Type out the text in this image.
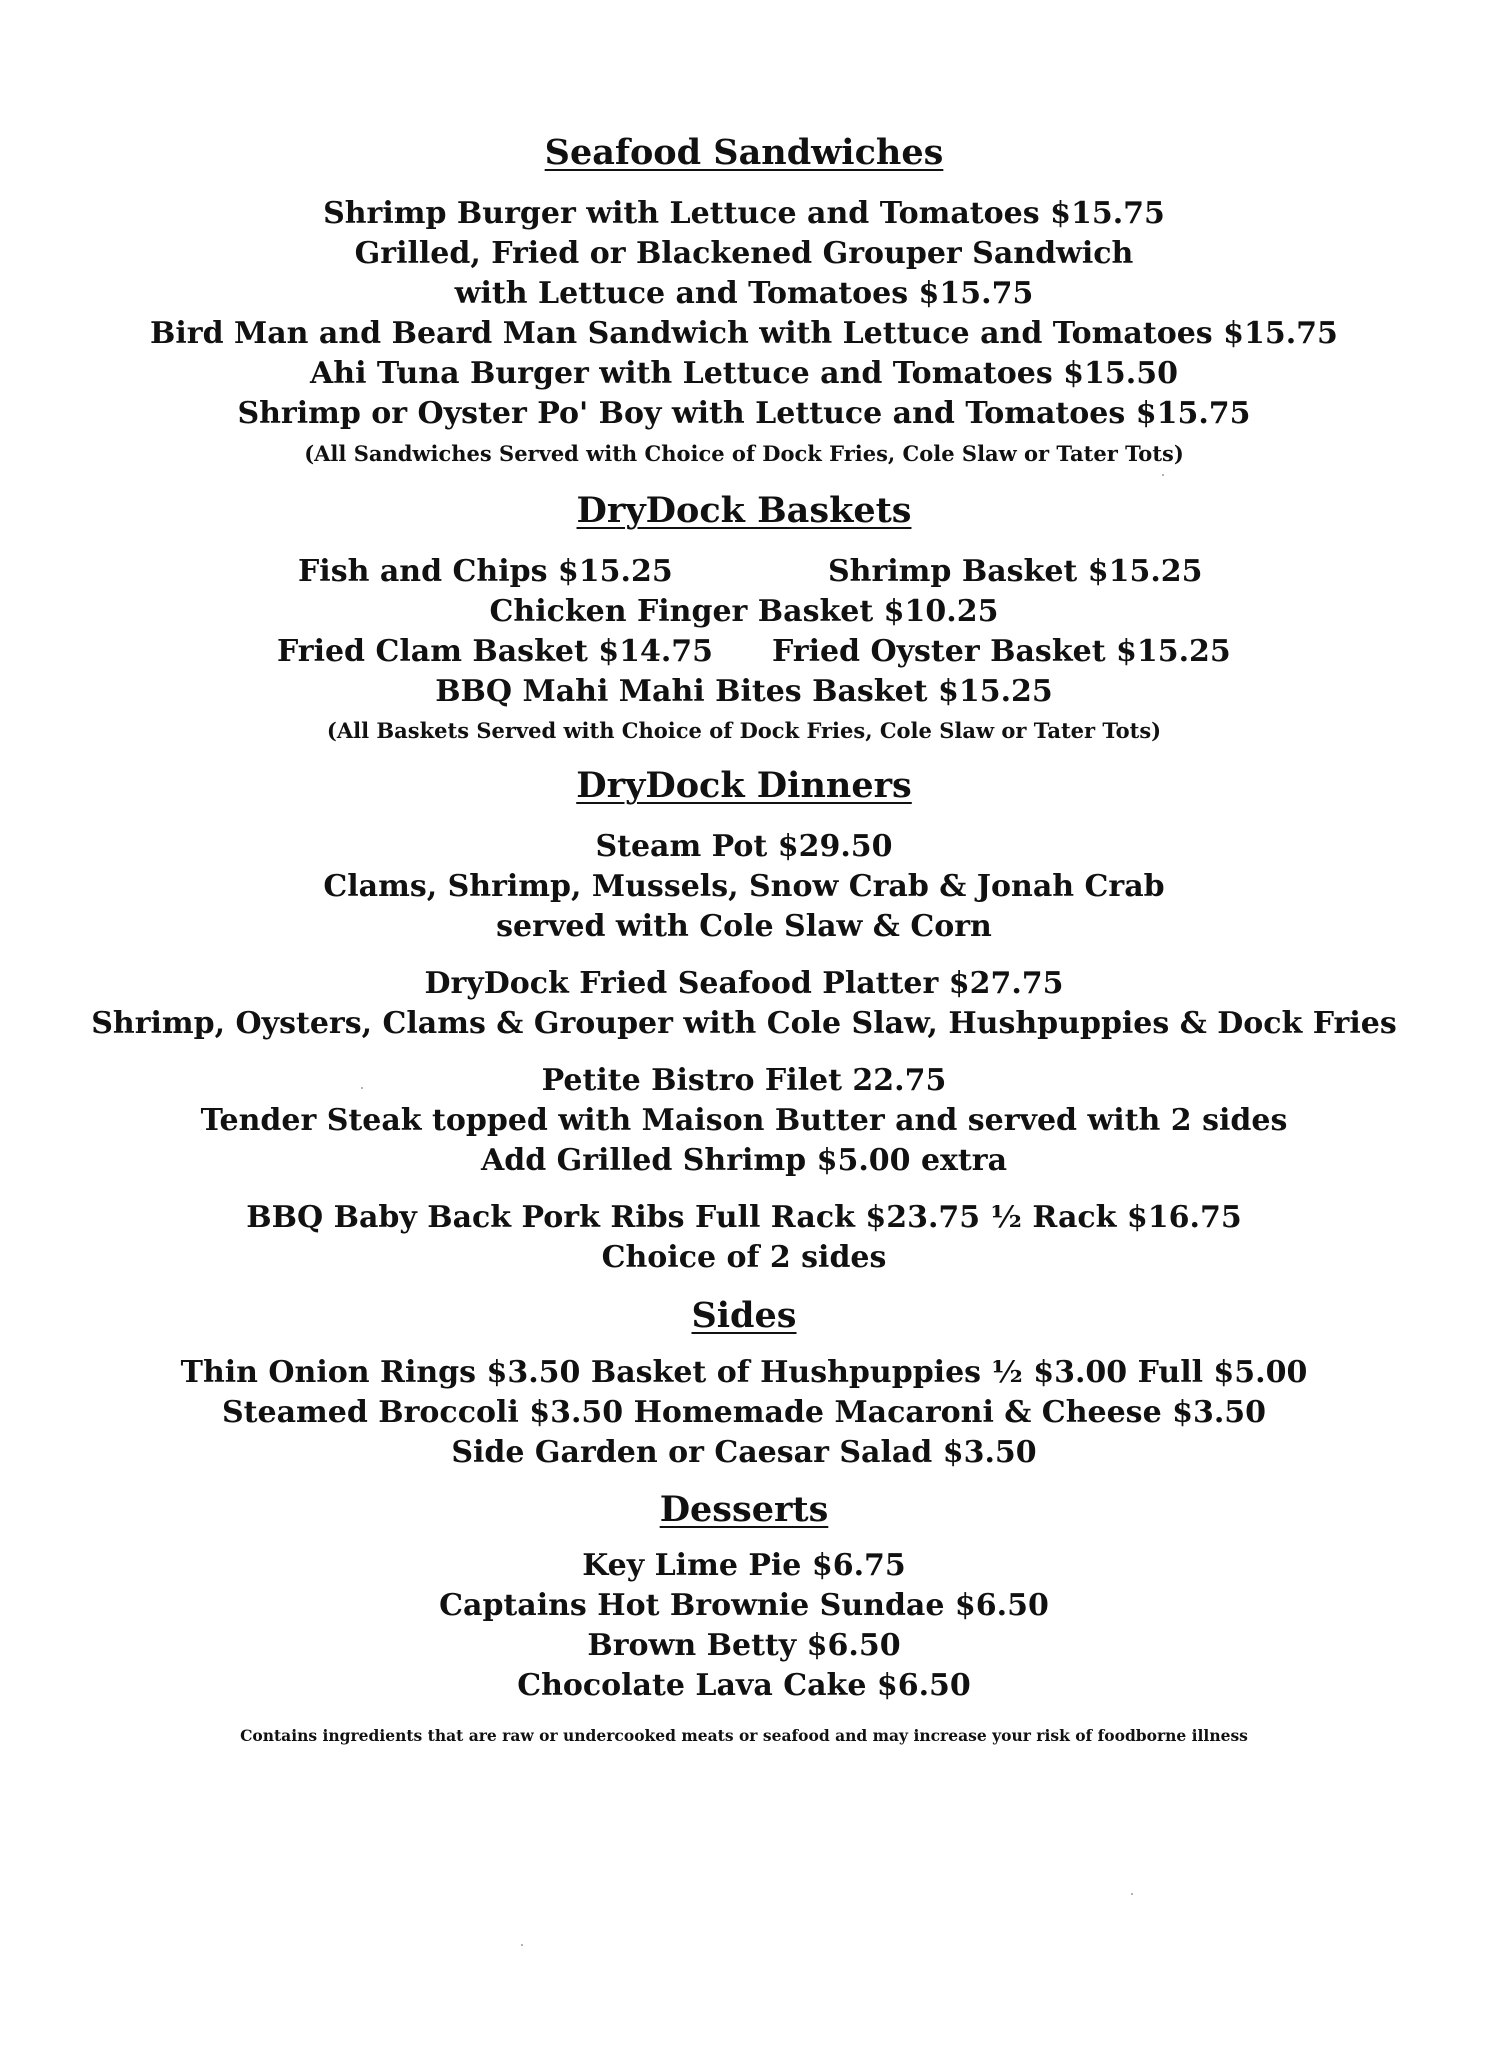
Seafood Sandwiches
Shrimp Burger with Lettuce and Tomatoes $15.75
Grilled, Fried or Blackened Grouper Sandwich
with Lettuce and Tomatoes $15.75
Bird Man and Beard Man Sandwich with Lettuce and Tomatoes $15.75
Ahi Tuna Burger with Lettuce and Tomatoes $15.50
Shrimp or Oyster Po' Boy with Lettuce and Tomatoes $15.75
(All Sandwiches Served with Choice of Dock Fries, Cole Slaw or Tater Tots)
DryDock Baskets
Fish and Chips $15.25	Shrimp Basket $15.25
Chicken Finger Basket $10.25
Fried Clam Basket $14.75 Fried Oyster Basket $15.25
BBQ Mahi Mahi Bites Basket $15.25
(All Baskets Served with Choice of Dock Fries, Cole Slaw or Tater Tots)
DryDock Dinners
Steam Pot $29.50
Clams, Shrimp, Mussels, Snow Crab & Jonah Crab
served with Cole Slaw & Corn
DryDock Fried Seafood Platter $27.75
Shrimp, Oysters, Clams & Grouper with Cole Slaw, Hushpuppies & Dock Fries
Petite Bistro Filet 22.75
Tender Steak topped with Maison Butter and served with 2 sides
Add Grilled Shrimp $5.00 extra
BBQ Baby Back Pork Ribs Full Rack $23.75 ½ Rack $16.75
Choice of 2 sides
Sides
Thin Onion Rings $3.50 Basket of Hushpuppies ½ $3.00 Full $5.00
Steamed Broccoli $3.50 Homemade Macaroni & Cheese $3.50
Side Garden or Caesar Salad $3.50
Desserts
Key Lime Pie $6.75
Captains Hot Brownie Sundae $6.50
Brown Betty $6.50
Chocolate Lava Cake $6.50
Contains ingredients that are raw or undercooked meats or seafood and may increase your risk of foodborne illness
